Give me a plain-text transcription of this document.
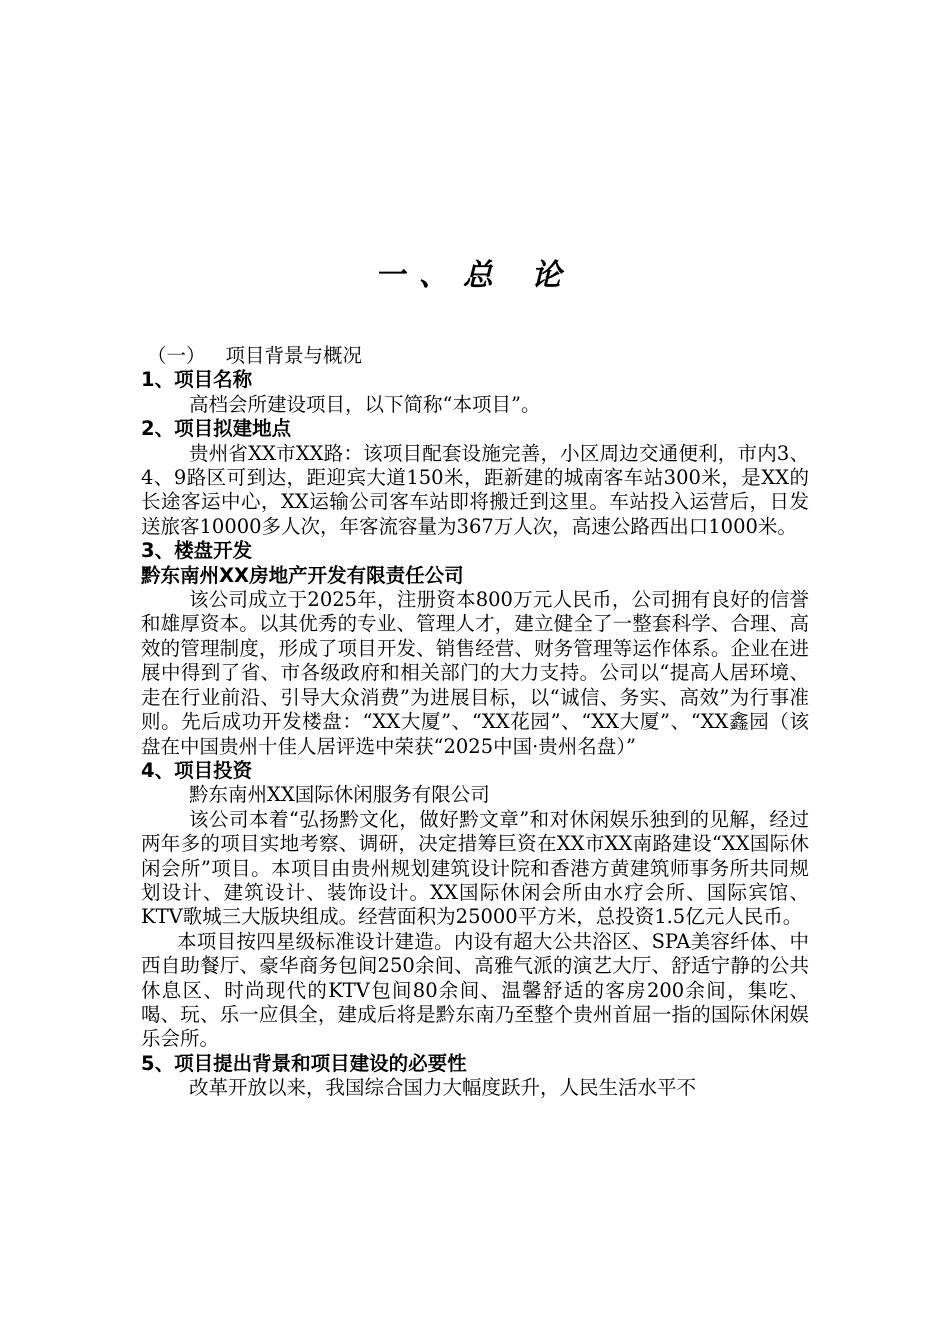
一、总 论

（一） 项目背景与概况

1、项目名称

高档会所建设项目，以下简称“本项目”。

2、项目拟建地点

贵州省XX市XX路：该项目配套设施完善，小区周边交通便利，市内3、4、9路区可到达，距迎宾大道150米，距新建的城南客车站300米，是XX的长途客运中心，XX运输公司客车站即将搬迁到这里。车站投入运营后，日发送旅客10000多人次，年客流容量为367万人次，高速公路西出口1000米。

3、楼盘开发

黔东南州XX房地产开发有限责任公司

该公司成立于2025年，注册资本800万元人民币，公司拥有良好的信誉和雄厚资本。以其优秀的专业、管理人才，建立健全了一整套科学、合理、高效的管理制度，形成了项目开发、销售经营、财务管理等运作体系。企业在进展中得到了省、市各级政府和相关部门的大力支持。公司以“提高人居环境、走在行业前沿、引导大众消费”为进展目标，以“诚信、务实、高效”为行事准则。先后成功开发楼盘：“XX大厦”、“XX花园”、“XX大厦”、“XX鑫园（该盘在中国贵州十佳人居评选中荣获“2025中国·贵州名盘）”

4、项目投资

黔东南州XX国际休闲服务有限公司

该公司本着“弘扬黔文化，做好黔文章”和对休闲娱乐独到的见解，经过两年多的项目实地考察、调研，决定措筹巨资在XX市XX南路建设“XX国际休闲会所”项目。本项目由贵州规划建筑设计院和香港方黄建筑师事务所共同规划设计、建筑设计、装饰设计。XX国际休闲会所由水疗会所、国际宾馆、KTV歌城三大版块组成。经营面积为25000平方米，总投资1.5亿元人民币。

本项目按四星级标准设计建造。内设有超大公共浴区、SPA美容纤体、中西自助餐厅、豪华商务包间250余间、高雅气派的演艺大厅、舒适宁静的公共休息区、时尚现代的KTV包间80余间、温馨舒适的客房200余间，集吃、喝、玩、乐一应俱全，建成后将是黔东南乃至整个贵州首屈一指的国际休闲娱乐会所。

5、项目提出背景和项目建设的必要性

改革开放以来，我国综合国力大幅度跃升，人民生活水平不
